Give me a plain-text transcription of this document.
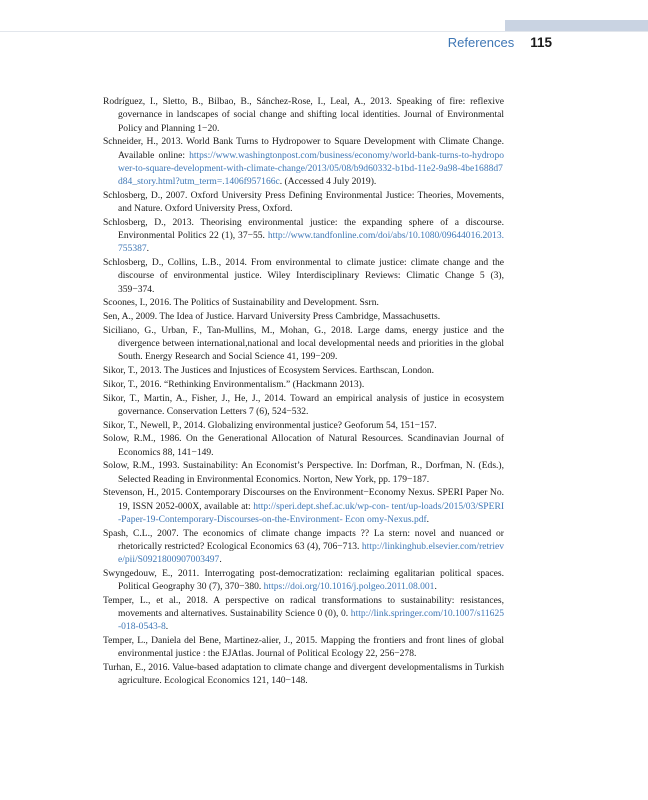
References 115

Rodríguez, I., Sletto, B., Bilbao, B., Sánchez-Rose, I., Leal, A., 2013. Speaking of fire: reflexive governance in landscapes of social change and shifting local identities. Journal of Environmental Policy and Planning 1−20.

Schneider, H., 2013. World Bank Turns to Hydropower to Square Development with Climate Change. Available online: https://www.washingtonpost.com/business/economy/world-bank-turns-to-hydropower-to-square-development-with-climate-change/2013/05/08/b9d60332-b1bd-11e2-9a98-4be1688d7d84_story.html?utm_term=.1406f957166c. (Accessed 4 July 2019).

Schlosberg, D., 2007. Oxford University Press Defining Environmental Justice: Theories, Movements, and Nature. Oxford University Press, Oxford.

Schlosberg, D., 2013. Theorising environmental justice: the expanding sphere of a discourse. Environmental Politics 22 (1), 37−55. http://www.tandfonline.com/doi/abs/10.1080/09644016.2013.755387.

Schlosberg, D., Collins, L.B., 2014. From environmental to climate justice: climate change and the discourse of environmental justice. Wiley Interdisciplinary Reviews: Climatic Change 5 (3), 359−374.

Scoones, I., 2016. The Politics of Sustainability and Development. Ssrn.

Sen, A., 2009. The Idea of Justice. Harvard University Press Cambridge, Massachusetts.

Siciliano, G., Urban, F., Tan-Mullins, M., Mohan, G., 2018. Large dams, energy justice and the divergence between international,national and local developmental needs and priorities in the global South. Energy Research and Social Science 41, 199−209.

Sikor, T., 2013. The Justices and Injustices of Ecosystem Services. Earthscan, London.

Sikor, T., 2016. “Rethinking Environmentalism.” (Hackmann 2013).

Sikor, T., Martin, A., Fisher, J., He, J., 2014. Toward an empirical analysis of justice in ecosystem governance. Conservation Letters 7 (6), 524−532.

Sikor, T., Newell, P., 2014. Globalizing environmental justice? Geoforum 54, 151−157.

Solow, R.M., 1986. On the Generational Allocation of Natural Resources. Scandinavian Journal of Economics 88, 141−149.

Solow, R.M., 1993. Sustainability: An Economist’s Perspective. In: Dorfman, R., Dorfman, N. (Eds.), Selected Reading in Environmental Economics. Norton, New York, pp. 179−187.

Stevenson, H., 2015. Contemporary Discourses on the Environment−Economy Nexus. SPERI Paper No. 19, ISSN 2052-000X, available at: http://speri.dept.shef.ac.uk/wp-con- tent/up-loads/2015/03/SPERI-Paper-19-Contemporary-Discourses-on-the-Environment- Econ omy-Nexus.pdf.

Spash, C.L., 2007. The economics of climate change impacts ?? La stern: novel and nuanced or rhetorically restricted? Ecological Economics 63 (4), 706−713. http://linkinghub.elsevier.com/retrieve/pii/S0921800907003497.

Swyngedouw, E., 2011. Interrogating post-democratization: reclaiming egalitarian political spaces. Political Geography 30 (7), 370−380. https://doi.org/10.1016/j.polgeo.2011.08.001.

Temper, L., et al., 2018. A perspective on radical transformations to sustainability: resistances, movements and alternatives. Sustainability Science 0 (0), 0. http://link.springer.com/10.1007/s11625-018-0543-8.

Temper, L., Daniela del Bene, Martinez-alier, J., 2015. Mapping the frontiers and front lines of global environmental justice : the EJAtlas. Journal of Political Ecology 22, 256−278.

Turhan, E., 2016. Value-based adaptation to climate change and divergent developmentalisms in Turkish agriculture. Ecological Economics 121, 140−148.
